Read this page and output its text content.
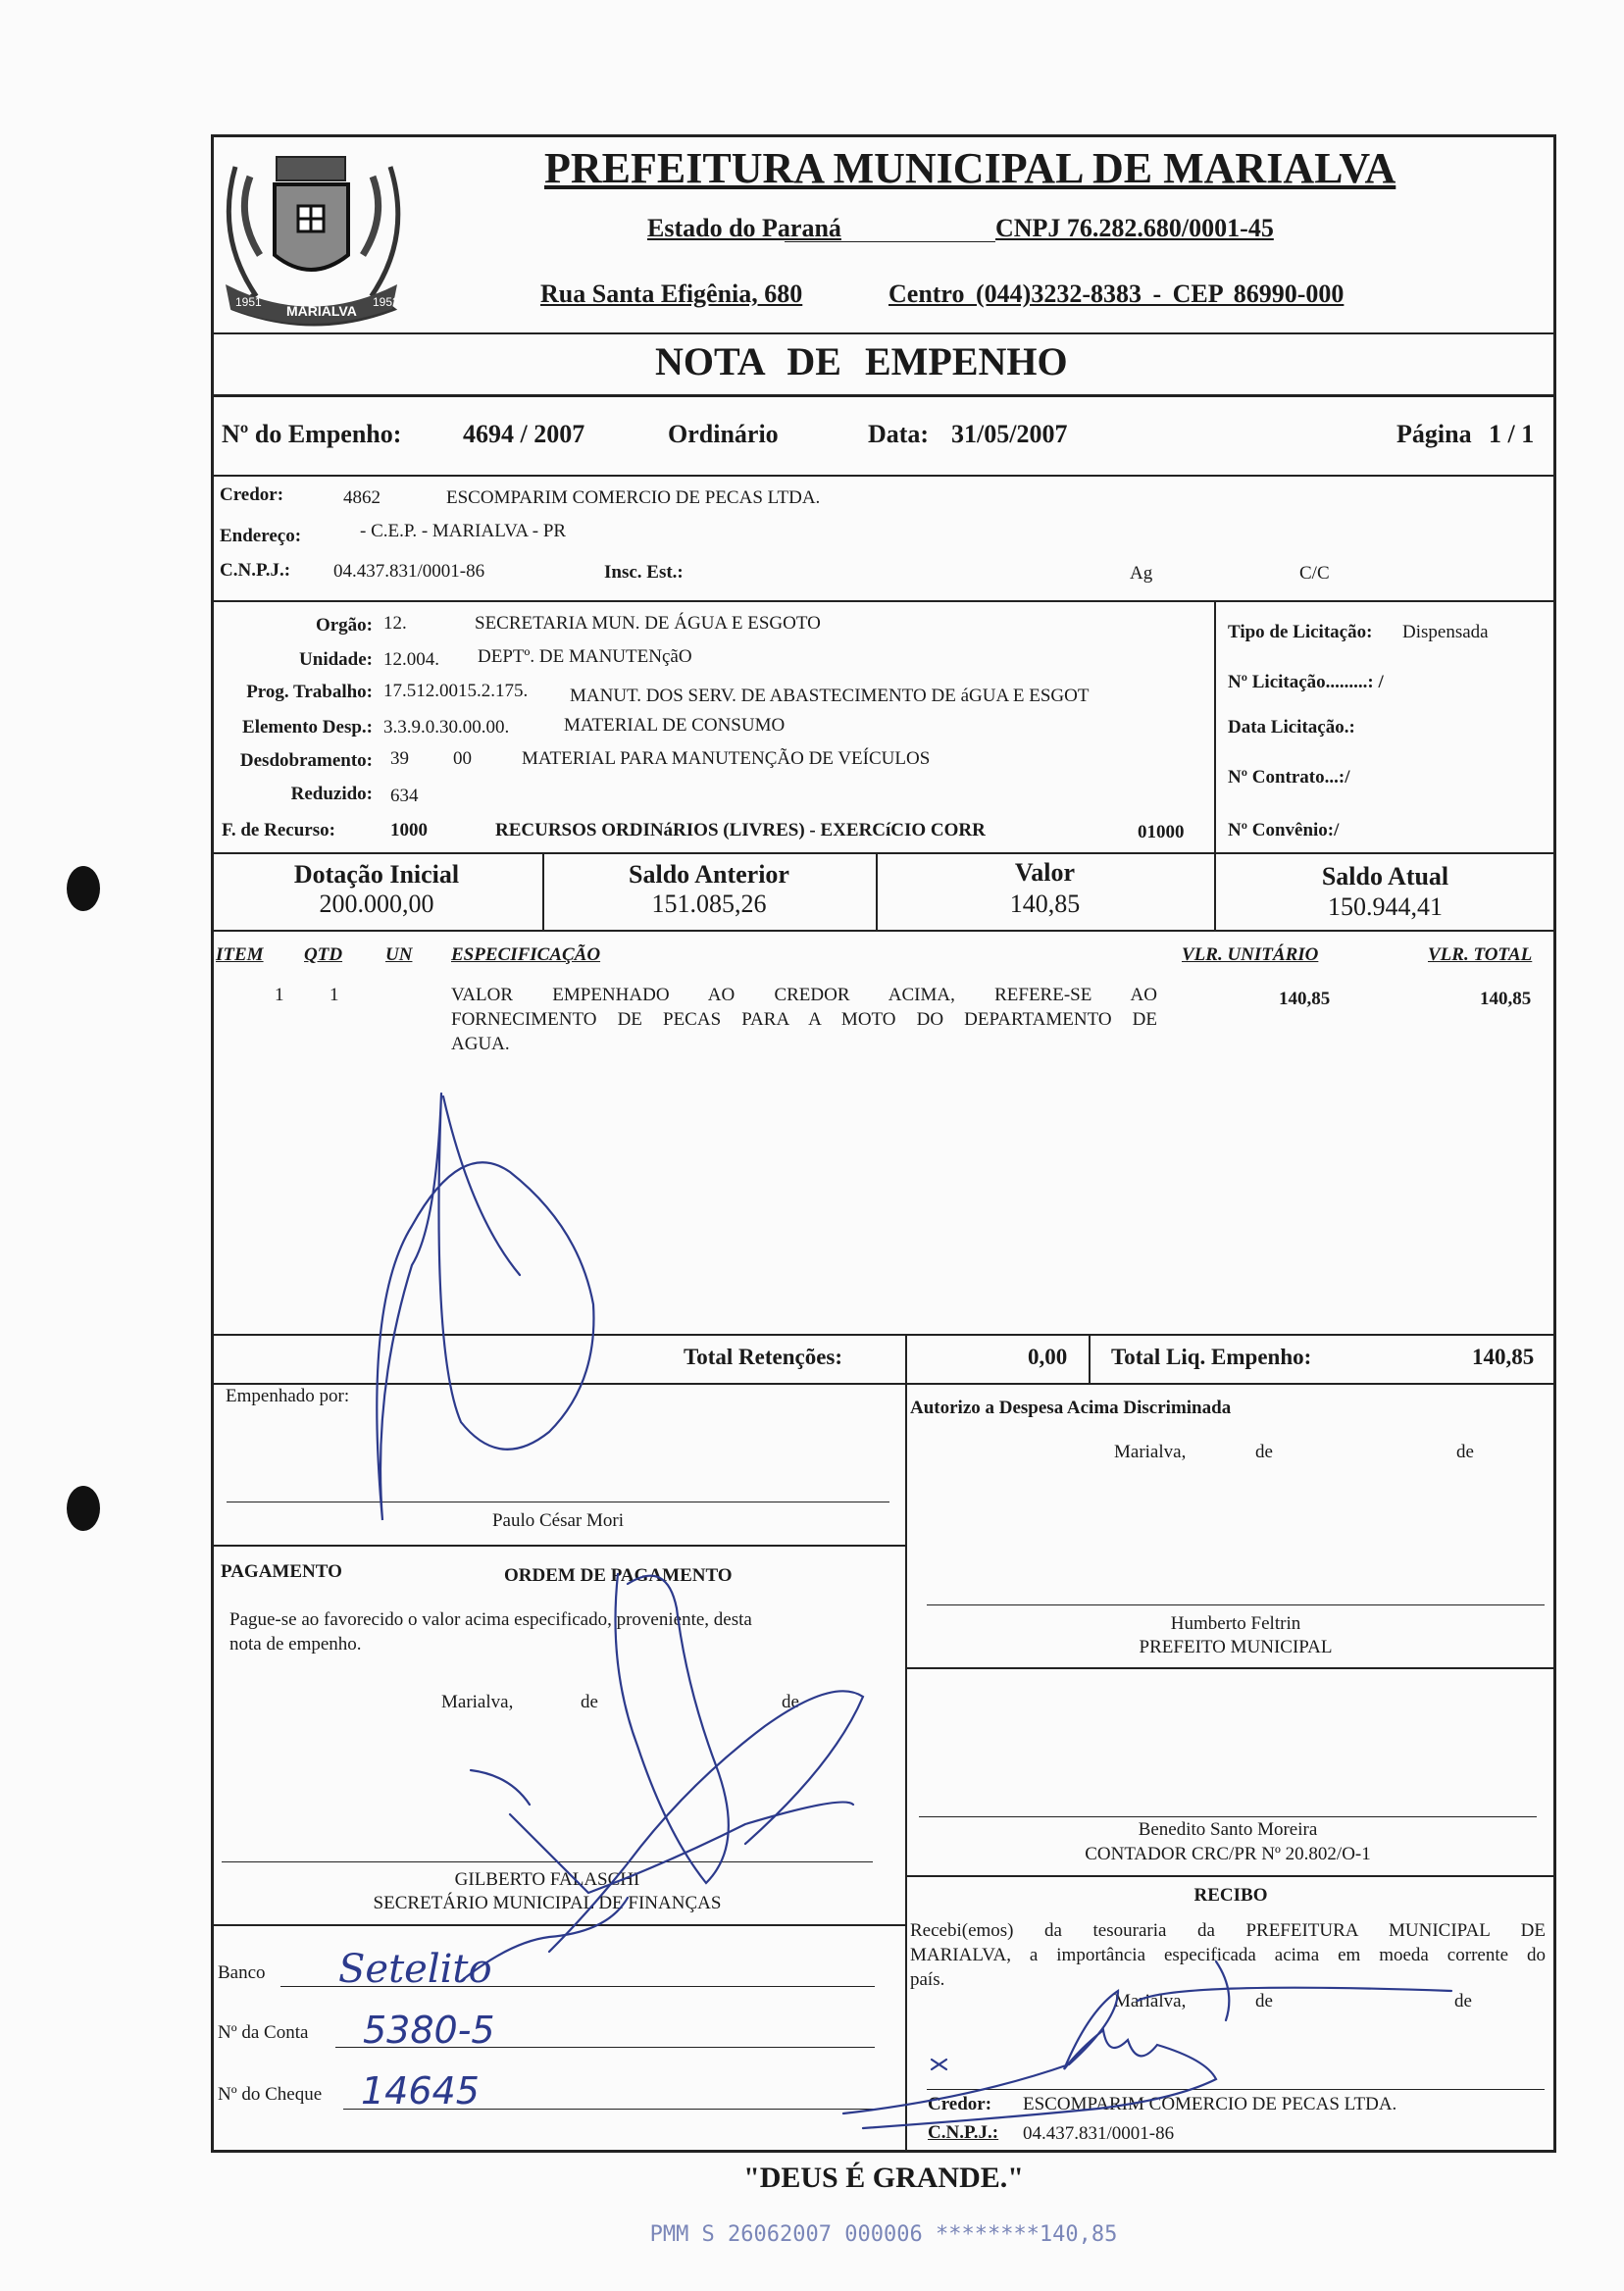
MARIALVA
1951	1952
PREFEITURA MUNICIPAL DE MARIALVA
Estado do Paraná	CNPJ 76.282.680/0001-45
Rua Santa Efigênia, 680	Centro (044)3232-8383 - CEP 86990-000
NOTA DE EMPENHO
Nº do Empenho: 4694 / 2007	Ordinário	Data: 31/05/2007	Página 1 / 1
Credor:	4862	ESCOMPARIM COMERCIO DE PECAS LTDA.
Endereço:	- C.E.P. - MARIALVA - PR
C.N.P.J.: 04.437.831/0001-86	Insc. Est.:	Ag	C/C
Orgão: 12.	SECRETARIA MUN. DE ÁGUA E ESGOTO
Unidade: 12.004. DEPTº. DE MANUTENçãO
Prog. Trabalho: 17.512.0015.2.175. MANUT. DOS SERV. DE ABASTECIMENTO DE áGUA E ESGOT
Elemento Desp.: 3.3.9.0.30.00.00.	MATERIAL DE CONSUMO
Desdobramento: 39 00	MATERIAL PARA MANUTENÇÃO DE VEÍCULOS
Reduzido: 634
F. de Recurso:	1000	RECURSOS ORDINáRIOS (LIVRES) - EXERCíCIO CORR	01000
Tipo de Licitação: Dispensada
Nº Licitação.........: /
Data Licitação.:
Nº Contrato...:/
Nº Convênio:/
Dotação Inicial
200.000,00
Saldo Anterior
151.085,26
Valor
140,85
Saldo Atual
150.944,41
ITEM QTD UN ESPECIFICAÇÃO	VLR. UNITÁRIO	VLR. TOTAL
1 1	VALOR EMPENHADO AO CREDOR ACIMA, REFERE-SE AO
FORNECIMENTO DE PECAS PARA A MOTO DO DEPARTAMENTO DE
AGUA.
140,85	140,85
Total Retenções:	0,00 Total Liq. Empenho:	140,85
Empenhado por:
Paulo César Mori
Autorizo a Despesa Acima Discriminada
Marialva,	de	de
Humberto Feltrin
PREFEITO MUNICIPAL
PAGAMENTO	ORDEM DE PAGAMENTO
Pague-se ao favorecido o valor acima especificado, proveniente, desta
nota de empenho.
Marialva,	de	de
GILBERTO FALASCHI
SECRETÁRIO MUNICIPAL DE FINANÇAS
Benedito Santo Moreira
CONTADOR CRC/PR Nº 20.802/O-1
RECIBO
Recebi(emos) da tesouraria da PREFEITURA MUNICIPAL DE
MARIALVA, a importância especificada acima em moeda corrente do
país.
Marialva,	de	de
Credor: ESCOMPARIM COMERCIO DE PECAS LTDA.
C.N.P.J.: 04.437.831/0001-86
Banco Setelito
Nº da Conta 5380-5
Nº do Cheque 14645
"DEUS É GRANDE."
PMM S 26062007 000006 ********140,85
